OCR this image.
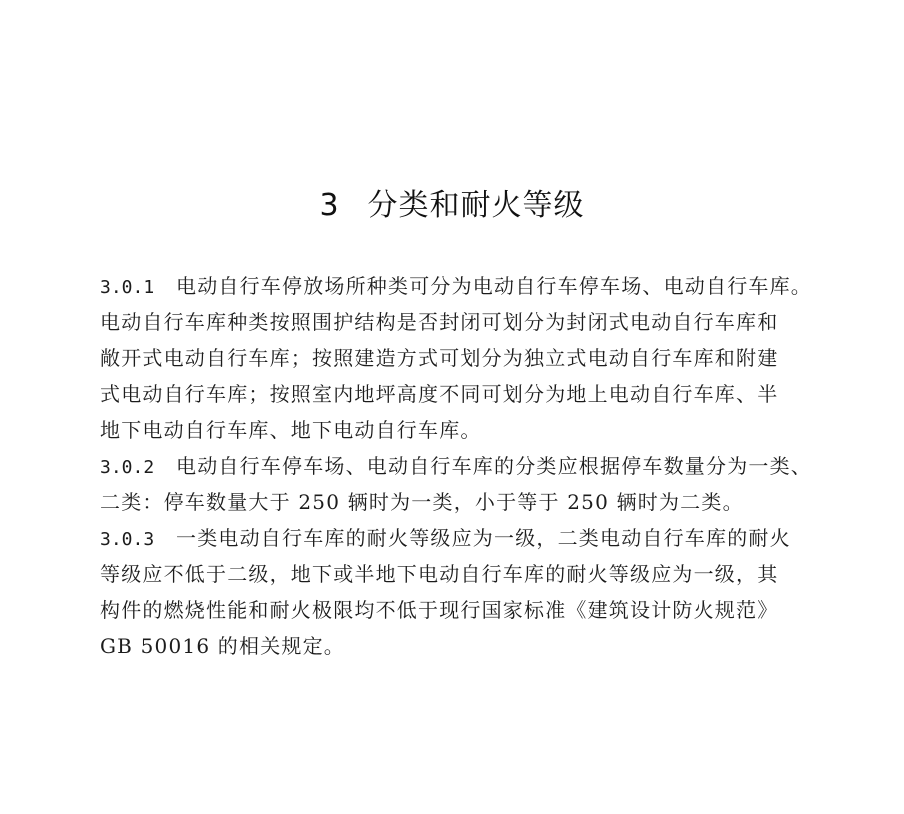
3 分类和耐火等级
3.0.1 电动自行车停放场所种类可分为电动自行车停车场、电动自行车库。
电动自行车库种类按照围护结构是否封闭可划分为封闭式电动自行车库和
敞开式电动自行车库；按照建造方式可划分为独立式电动自行车库和附建
式电动自行车库；按照室内地坪高度不同可划分为地上电动自行车库、半
地下电动自行车库、地下电动自行车库。
3.0.2 电动自行车停车场、电动自行车库的分类应根据停车数量分为一类、
二类：停车数量大于 250 辆时为一类，小于等于 250 辆时为二类。
3.0.3 一类电动自行车库的耐火等级应为一级，二类电动自行车库的耐火
等级应不低于二级，地下或半地下电动自行车库的耐火等级应为一级，其
构件的燃烧性能和耐火极限均不低于现行国家标准《建筑设计防火规范》
GB 50016 的相关规定。
